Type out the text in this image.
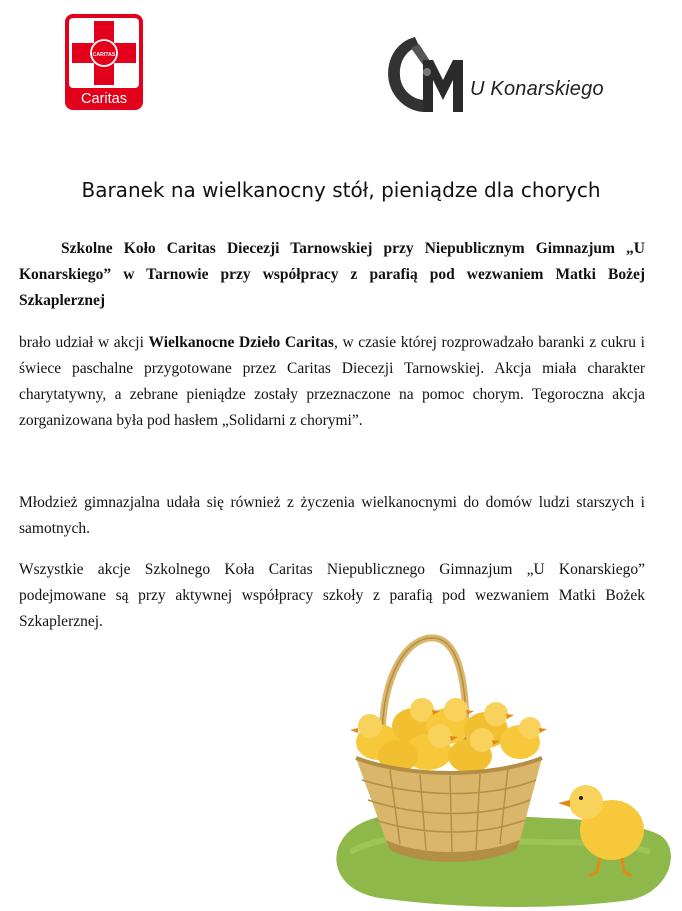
CARITAS
Caritas	U Konarskiego
Baranek na wielkanocny stół, pieniądze dla chorych
Szkolne Koło Caritas Diecezji Tarnowskiej przy Niepublicznym Gimnazjum „U Konarskiego” w Tarnowie przy współpracy z parafią pod wezwaniem Matki Bożej Szkaplerznej
brało udział w akcji Wielkanocne Dzieło Caritas, w czasie której rozprowadzało baranki z cukru i świece paschalne przygotowane przez Caritas Diecezji Tarnowskiej. Akcja miała charakter charytatywny, a zebrane pieniądze zostały przeznaczone na pomoc chorym. Tegoroczna akcja zorganizowana była pod hasłem „Solidarni z chorymi”.
Młodzież gimnazjalna udała się również z życzenia wielkanocnymi do domów ludzi starszych i samotnych.
Wszystkie akcje Szkolnego Koła Caritas Niepublicznego Gimnazjum „U Konarskiego” podejmowane są przy aktywnej współpracy szkoły z parafią pod wezwaniem Matki Bożek Szkaplerznej.
